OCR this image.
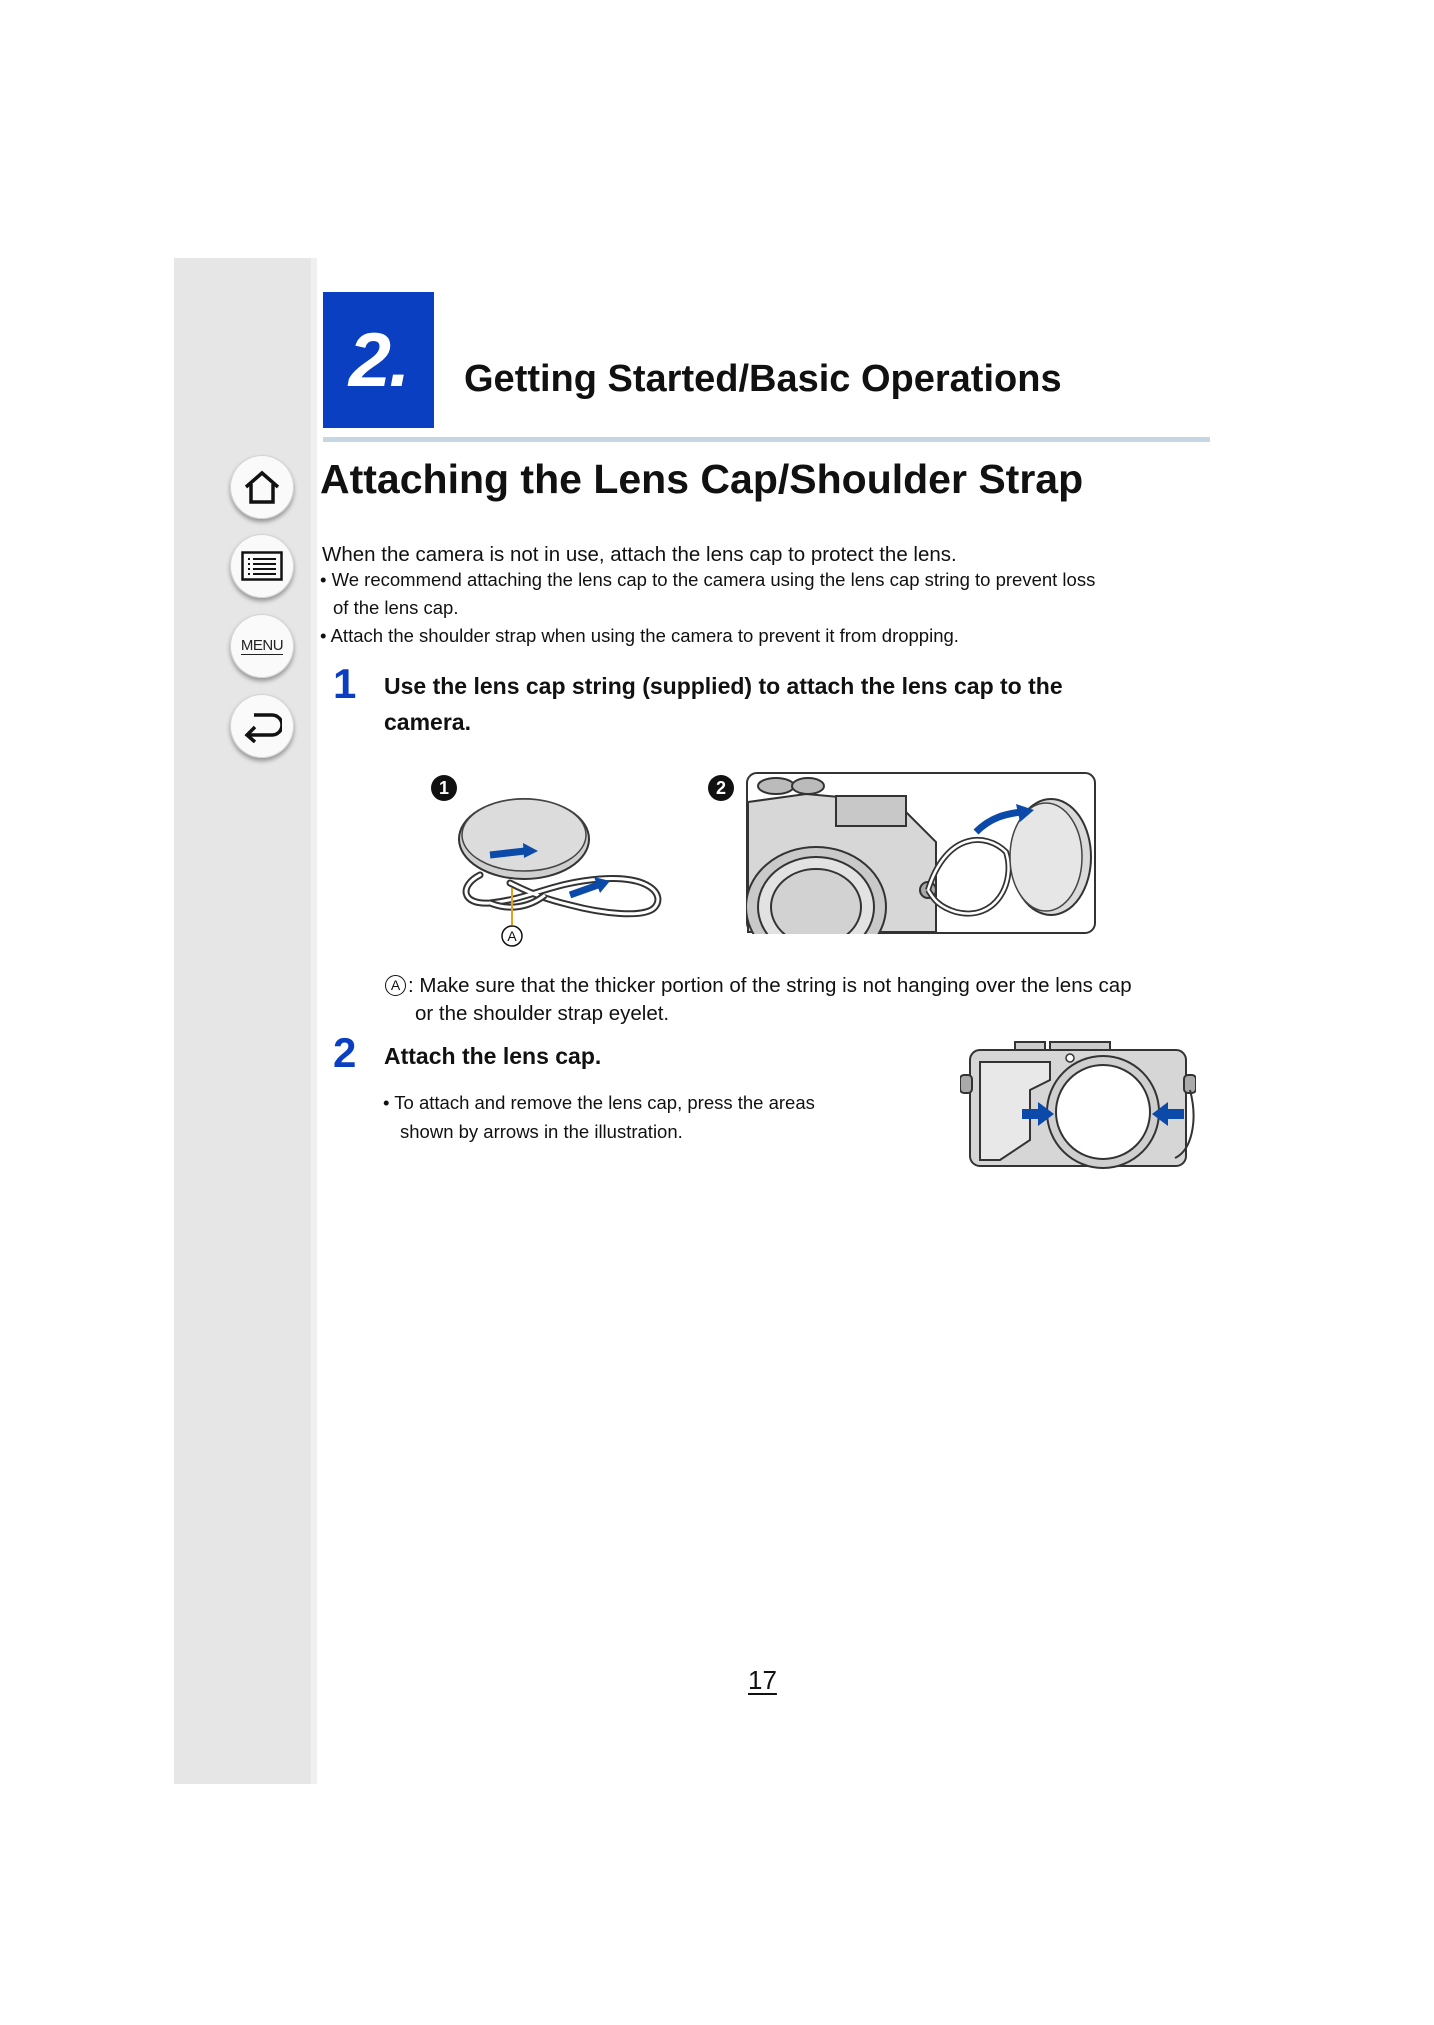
MENU
2. Getting Started/Basic Operations
Attaching the Lens Cap/Shoulder Strap
When the camera is not in use, attach the lens cap to protect the lens.
• We recommend attaching the lens cap to the camera using the lens cap string to prevent loss
of the lens cap.
• Attach the shoulder strap when using the camera to prevent it from dropping.
1 Use the lens cap string (supplied) to attach the lens cap to the
camera.
1	2
A
A : Make sure that the thicker portion of the string is not hanging over the lens cap
or the shoulder strap eyelet.
2 Attach the lens cap.
• To attach and remove the lens cap, press the areas
shown by arrows in the illustration.
17
